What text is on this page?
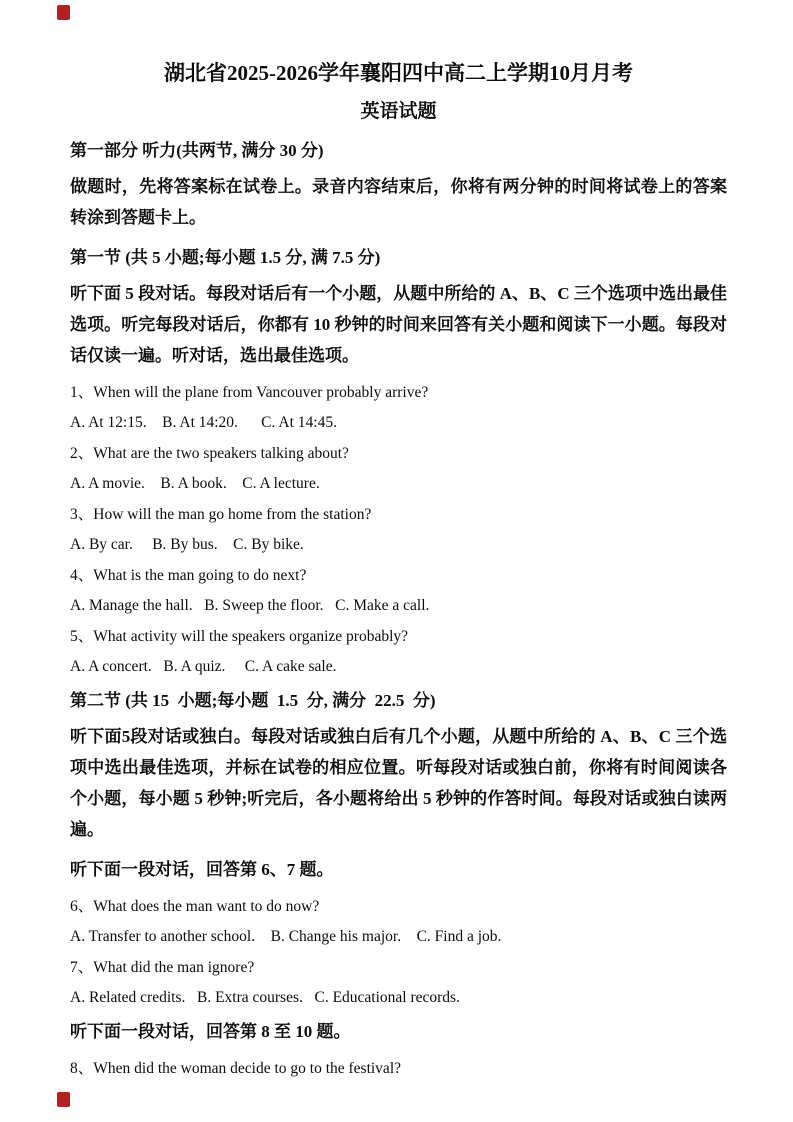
湖北省2025-2026学年襄阳四中高二上学期10月月考
英语试题
第一部分 听力(共两节, 满分 30 分)
做题时，先将答案标在试卷上。录音内容结束后，你将有两分钟的时间将试卷上的答案转涂到答题卡上。
第一节 (共 5 小题;每小题 1.5 分, 满 7.5 分)
听下面 5 段对话。每段对话后有一个小题，从题中所给的 A、B、C 三个选项中选出最佳选项。听完每段对话后，你都有 10 秒钟的时间来回答有关小题和阅读下一小题。每段对话仅读一遍。听对话，选出最佳选项。
1、When will the plane from Vancouver probably arrive?
A. At 12:15.    B. At 14:20.      C. At 14:45.
2、What are the two speakers talking about?
A. A movie.    B. A book.    C. A lecture.
3、How will the man go home from the station?
A. By car.     B. By bus.    C. By bike.
4、What is the man going to do next?
A. Manage the hall.   B. Sweep the floor.   C. Make a call.
5、What activity will the speakers organize probably?
A. A concert.   B. A quiz.     C. A cake sale.
第二节 (共 15  小题;每小题  1.5  分, 满分  22.5  分)
听下面5段对话或独白。每段对话或独白后有几个小题，从题中所给的 A、B、C 三个选项中选出最佳选项，并标在试卷的相应位置。听每段对话或独白前，你将有时间阅读各个小题，每小题 5 秒钟;听完后，各小题将给出 5 秒钟的作答时间。每段对话或独白读两遍。
听下面一段对话，回答第 6、7 题。
6、What does the man want to do now?
A. Transfer to another school.    B. Change his major.    C. Find a job.
7、What did the man ignore?
A. Related credits.   B. Extra courses.   C. Educational records.
听下面一段对话，回答第 8 至 10 题。
8、When did the woman decide to go to the festival?
